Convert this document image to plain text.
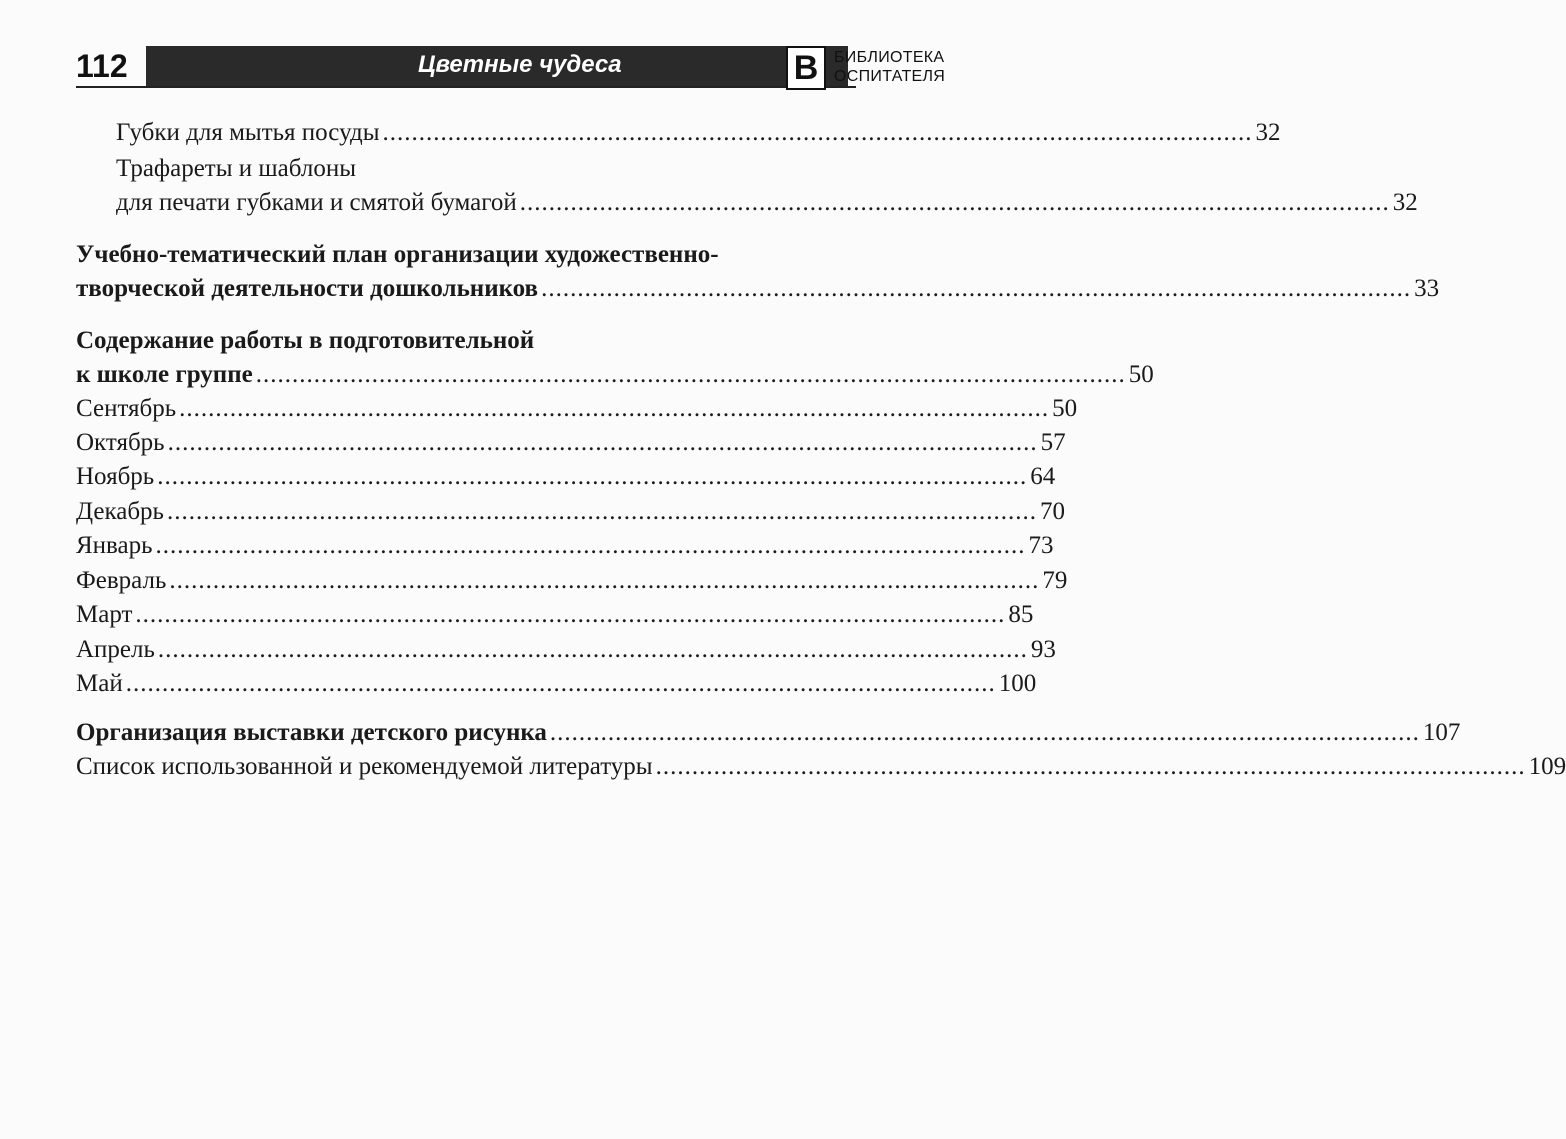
112	Цветные чудеса	В БИБЛИОТЕКА
ОСПИТАТЕЛЯ
Губки для мытья посуды ........................................................................................................................ 32
Трафареты и шаблоны
для печати губками и смятой бумагой ........................................................................................................................ 32
Учебно-тематический план организации художественно-
творческой деятельности дошкольников ........................................................................................................................ 33
Содержание работы в подготовительной
к школе группе ........................................................................................................................ 50
Сентябрь ........................................................................................................................ 50
Октябрь ........................................................................................................................ 57
Ноябрь ........................................................................................................................ 64
Декабрь ........................................................................................................................ 70
Январь ........................................................................................................................ 73
Февраль ........................................................................................................................ 79
Март ........................................................................................................................ 85
Апрель ........................................................................................................................ 93
Май ........................................................................................................................ 100
Организация выставки детского рисунка ........................................................................................................................ 107
Список использованной и рекомендуемой литературы ........................................................................................................................ 109
